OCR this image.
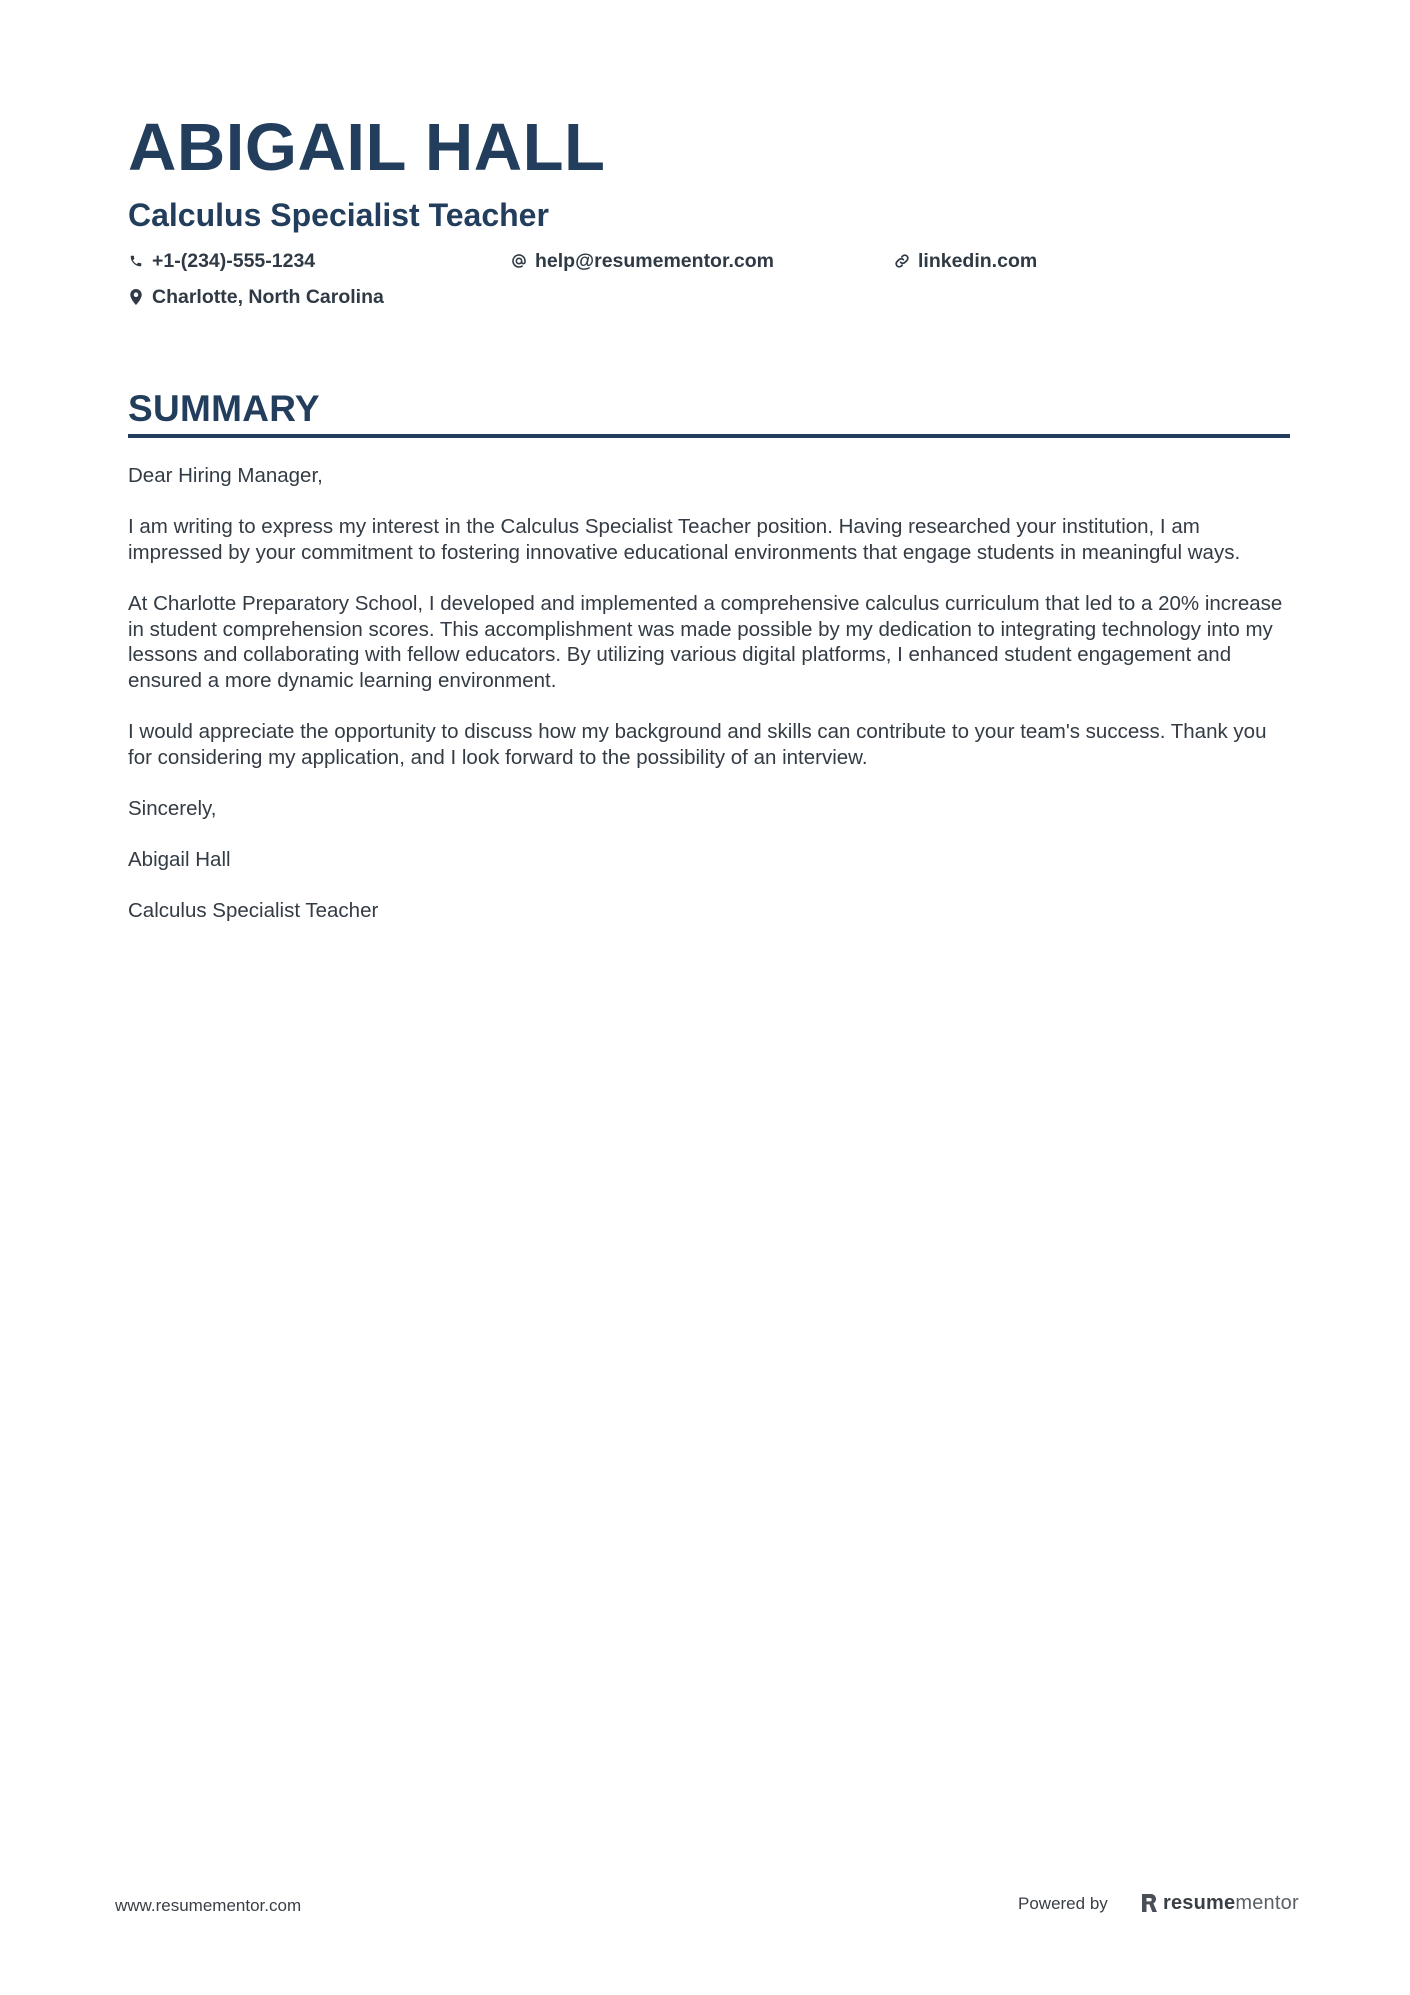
ABIGAIL HALL
Calculus Specialist Teacher
+1-(234)-555-1234	help@resumementor.com	linkedin.com
Charlotte, North Carolina
SUMMARY

Dear Hiring Manager,

I am writing to express my interest in the Calculus Specialist Teacher position. Having researched your institution, I am impressed by your commitment to fostering innovative educational environments that engage students in meaningful ways.

At Charlotte Preparatory School, I developed and implemented a comprehensive calculus curriculum that led to a 20% increase in student comprehension scores. This accomplishment was made possible by my dedication to integrating technology into my lessons and collaborating with fellow educators. By utilizing various digital platforms, I enhanced student engagement and ensured a more dynamic learning environment.

I would appreciate the opportunity to discuss how my background and skills can contribute to your team's success. Thank you for considering my application, and I look forward to the possibility of an interview.

Sincerely,

Abigail Hall

Calculus Specialist Teacher

www.resumementor.com	Powered by	resumementor
